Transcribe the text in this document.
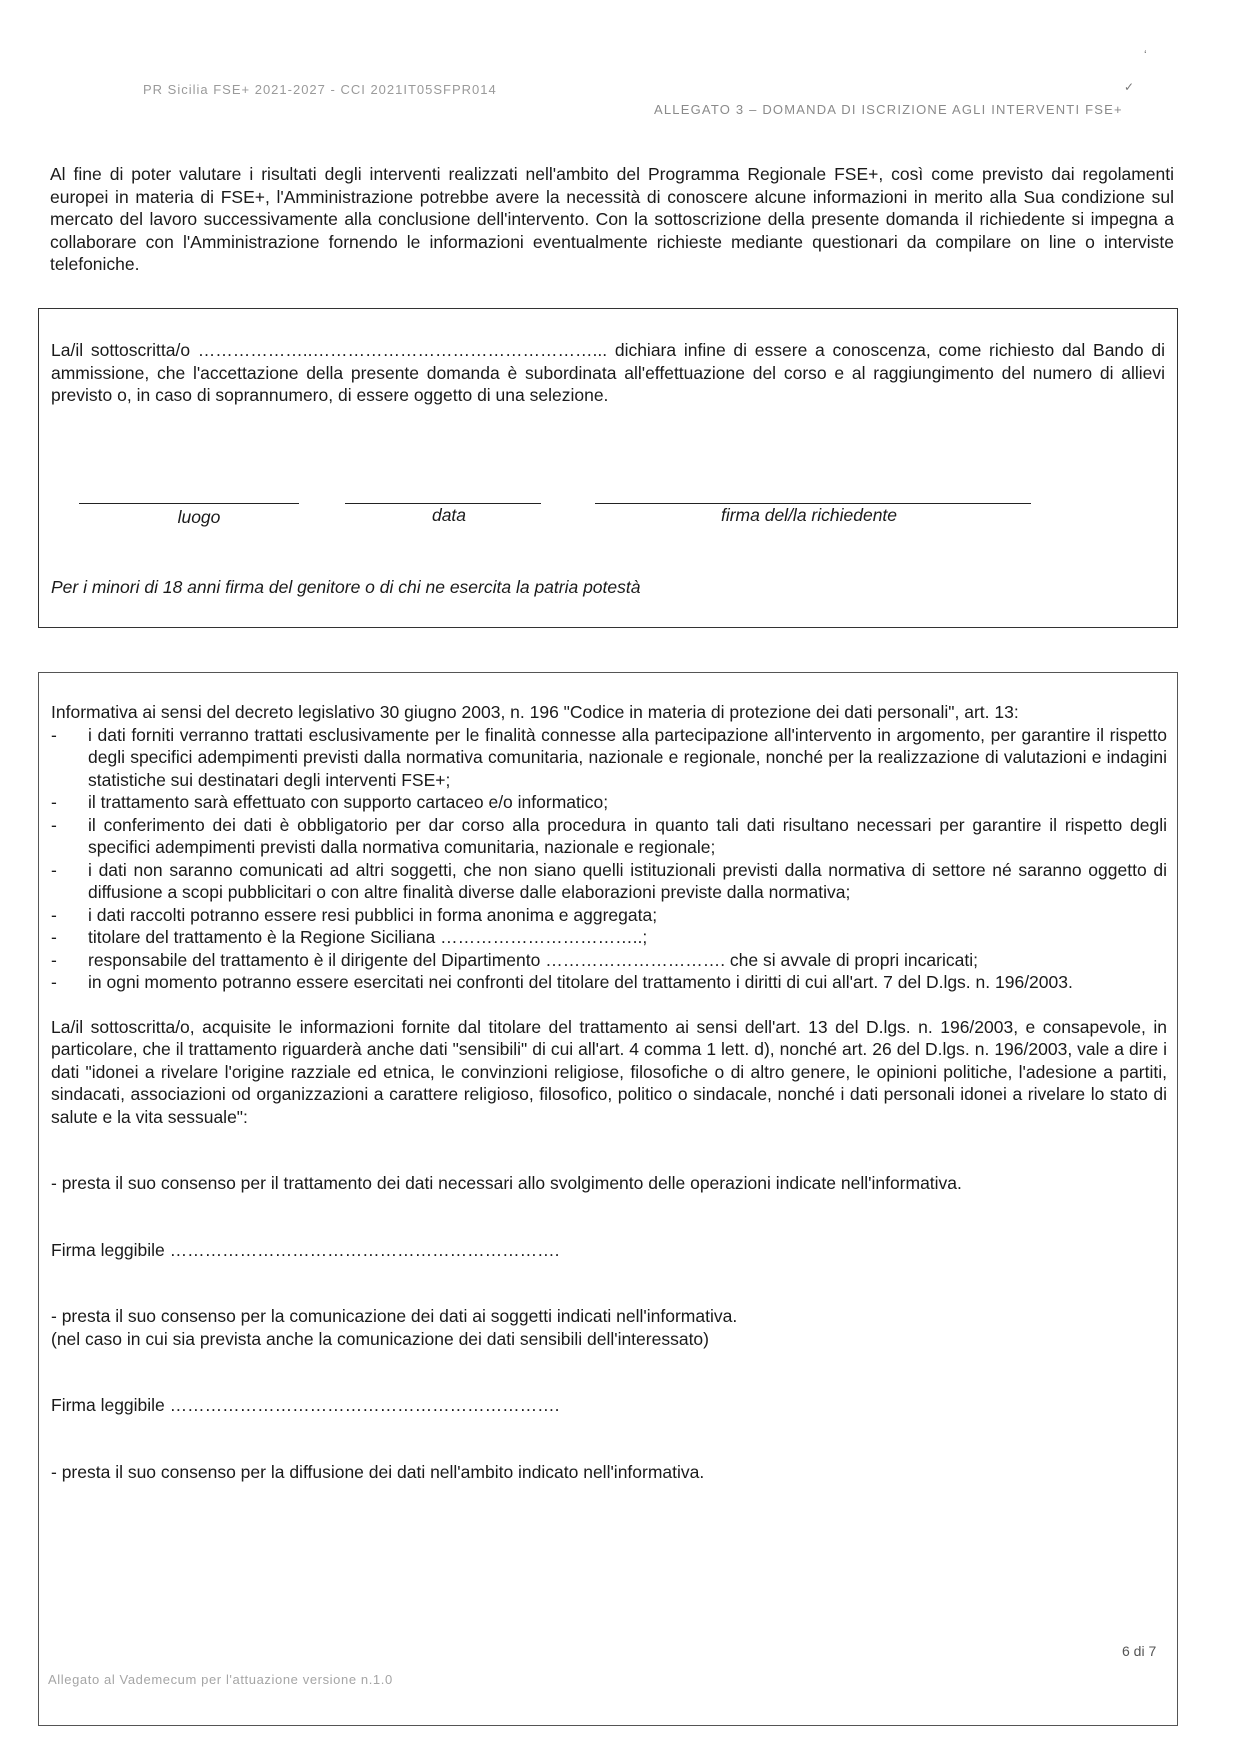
ʻ
✓
PR Sicilia FSE+ 2021-2027 - CCI 2021IT05SFPR014
ALLEGATO 3 – DOMANDA DI ISCRIZIONE AGLI INTERVENTI FSE+
Al fine di poter valutare i risultati degli interventi realizzati nell'ambito del Programma Regionale FSE+, così come previsto dai regolamenti europei in materia di FSE+, l'Amministrazione potrebbe avere la necessità di conoscere alcune informazioni in merito alla Sua condizione sul mercato del lavoro successivamente alla conclusione dell'intervento. Con la sottoscrizione della presente domanda il richiedente si impegna a collaborare con l'Amministrazione fornendo le informazioni eventualmente richieste mediante questionari da compilare on line o interviste telefoniche.
La/il sottoscritta/o ………………..…………………………………………... dichiara infine di essere a conoscenza, come richiesto dal Bando di ammissione, che l'accettazione della presente domanda è subordinata all'effettuazione del corso e al raggiungimento del numero di allievi previsto o, in caso di soprannumero, di essere oggetto di una selezione.
luogo	data	firma del/la richiedente
Per i minori di 18 anni firma del genitore o di chi ne esercita la patria potestà
Informativa ai sensi del decreto legislativo 30 giugno 2003, n. 196 "Codice in materia di protezione dei dati personali", art. 13:
- i dati forniti verranno trattati esclusivamente per le finalità connesse alla partecipazione all'intervento in argomento, per garantire il rispetto degli specifici adempimenti previsti dalla normativa comunitaria, nazionale e regionale, nonché per la realizzazione di valutazioni e indagini statistiche sui destinatari degli interventi FSE+;
- il trattamento sarà effettuato con supporto cartaceo e/o informatico;
- il conferimento dei dati è obbligatorio per dar corso alla procedura in quanto tali dati risultano necessari per garantire il rispetto degli specifici adempimenti previsti dalla normativa comunitaria, nazionale e regionale;
- i dati non saranno comunicati ad altri soggetti, che non siano quelli istituzionali previsti dalla normativa di settore né saranno oggetto di diffusione a scopi pubblicitari o con altre finalità diverse dalle elaborazioni previste dalla normativa;
- i dati raccolti potranno essere resi pubblici in forma anonima e aggregata;
- titolare del trattamento è la Regione Siciliana ……………………………..;
- responsabile del trattamento è il dirigente del Dipartimento …………………………. che si avvale di propri incaricati;
- in ogni momento potranno essere esercitati nei confronti del titolare del trattamento i diritti di cui all'art. 7 del D.lgs. n. 196/2003.
La/il sottoscritta/o, acquisite le informazioni fornite dal titolare del trattamento ai sensi dell'art. 13 del D.lgs. n. 196/2003, e consapevole, in particolare, che il trattamento riguarderà anche dati "sensibili" di cui all'art. 4 comma 1 lett. d), nonché art. 26 del D.lgs. n. 196/2003, vale a dire i dati "idonei a rivelare l'origine razziale ed etnica, le convinzioni religiose, filosofiche o di altro genere, le opinioni politiche, l'adesione a partiti, sindacati, associazioni od organizzazioni a carattere religioso, filosofico, politico o sindacale, nonché i dati personali idonei a rivelare lo stato di salute e la vita sessuale":
- presta il suo consenso per il trattamento dei dati necessari allo svolgimento delle operazioni indicate nell'informativa.
Firma leggibile ………………………………………………………….
- presta il suo consenso per la comunicazione dei dati ai soggetti indicati nell'informativa.
(nel caso in cui sia prevista anche la comunicazione dei dati sensibili dell'interessato)
Firma leggibile ………………………………………………………….
- presta il suo consenso per la diffusione dei dati nell'ambito indicato nell'informativa.
6 di 7
Allegato al Vademecum per l'attuazione versione n.1.0
